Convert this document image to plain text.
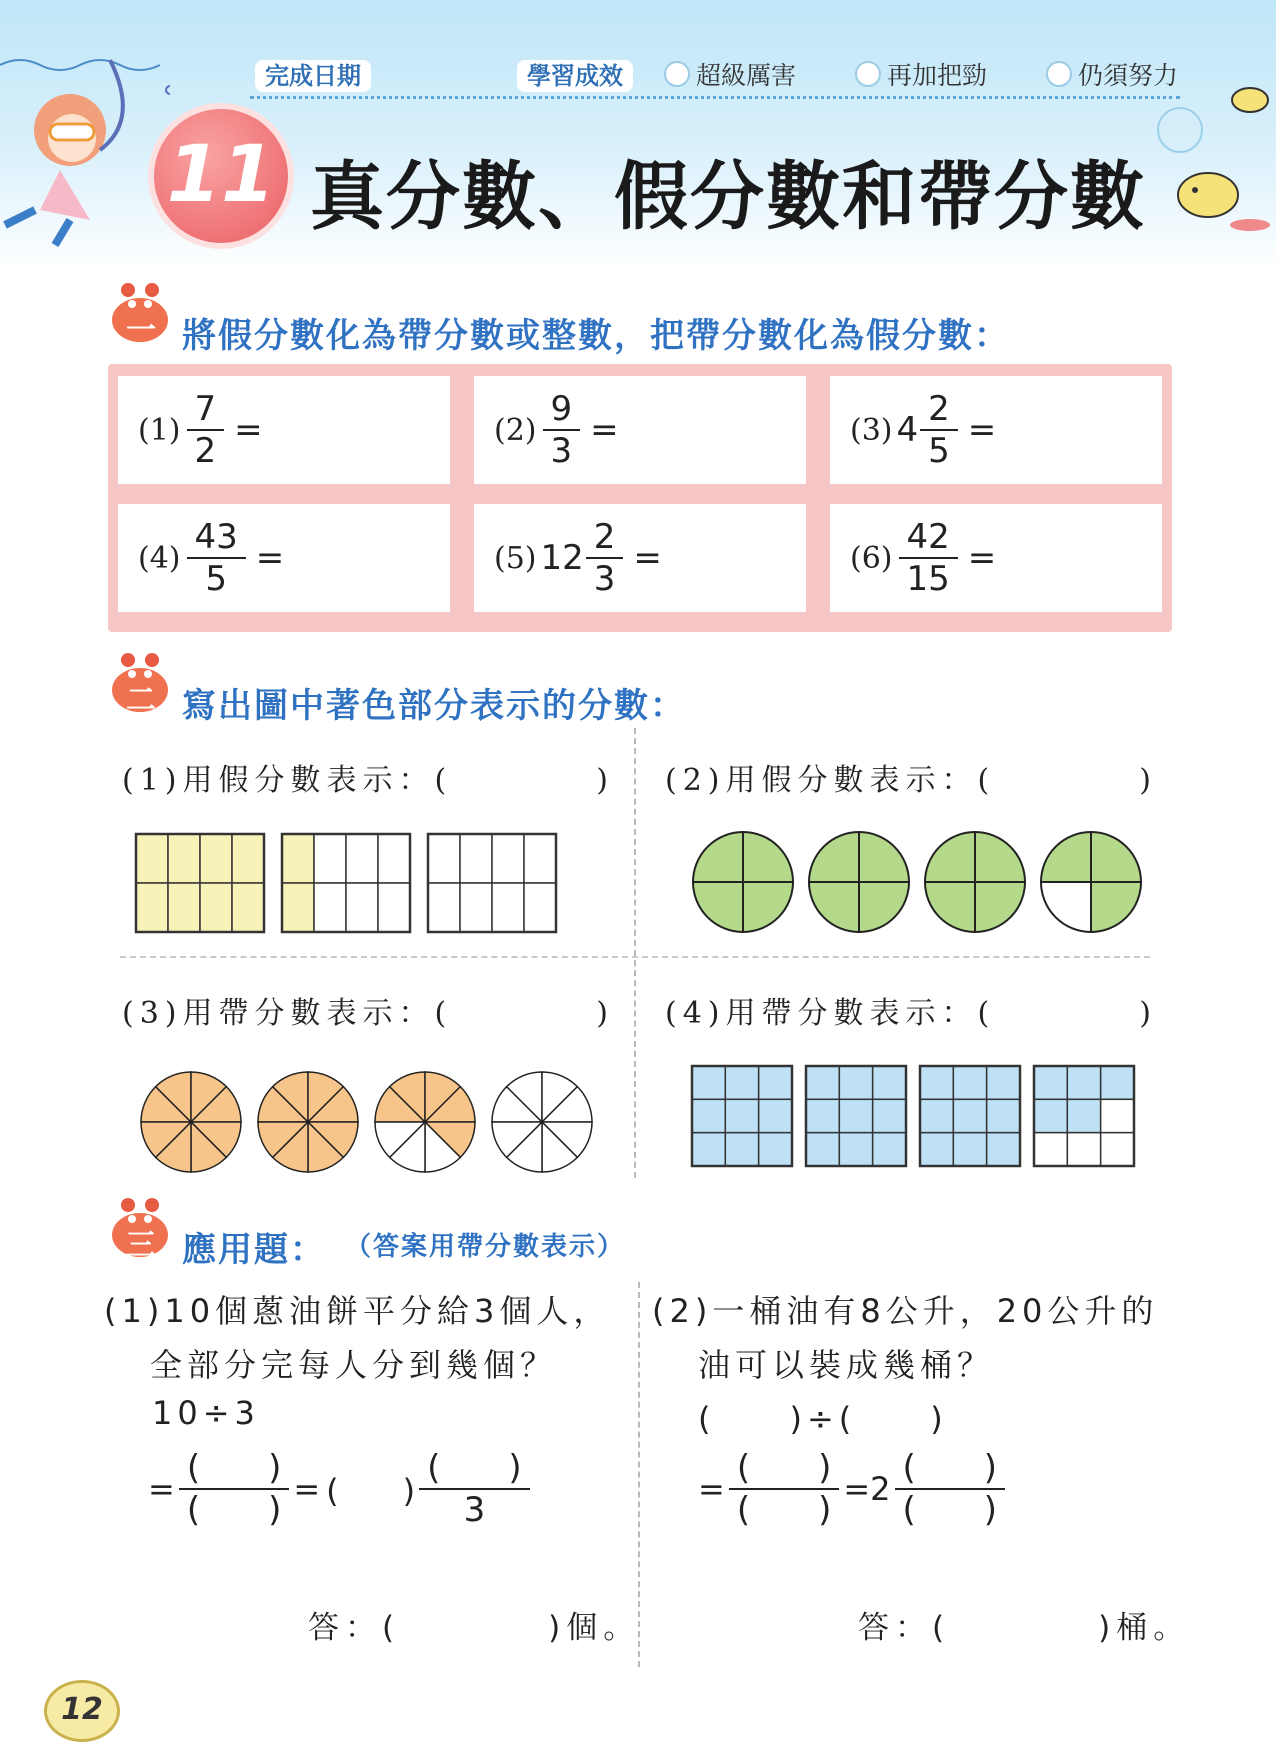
完成日期	學習成效	超級厲害	再加把勁	仍須努力
11 真分數、假分數和帶分數
一 將假分數化為帶分數或整數，把帶分數化為假分數：
$(1) \frac{7}{2}$ =	$(2) \frac{9}{3}$ =	(3) $4 \frac{2}{5}$ =
$(4) \frac{43}{5}$ =	(5) $12 \frac{2}{3}$ =	$(6) \frac{42}{15}$ =
二 寫出圖中著色部分表示的分數：
(1)用假分數表示：(　　　　) (2)用假分數表示：(　　　　)
(3)用帶分數表示：(　　　　) (4)用帶分數表示：(　　　　)
三 應用題： （答案用帶分數表示）
(1)10個蔥油餅平分給3個人，
全部分完每人分到幾個？
10÷3
= $\frac{( )}{( )}$ = (　　) $\frac{( )}{3}$
答：(　　　　)個。
(2)一桶油有8公升，20公升的
油可以裝成幾桶？
(　　)÷(　　)
= $\frac{( )}{( )} =2 \frac{( )}{( )}$
答：(　　　　)桶。
12
